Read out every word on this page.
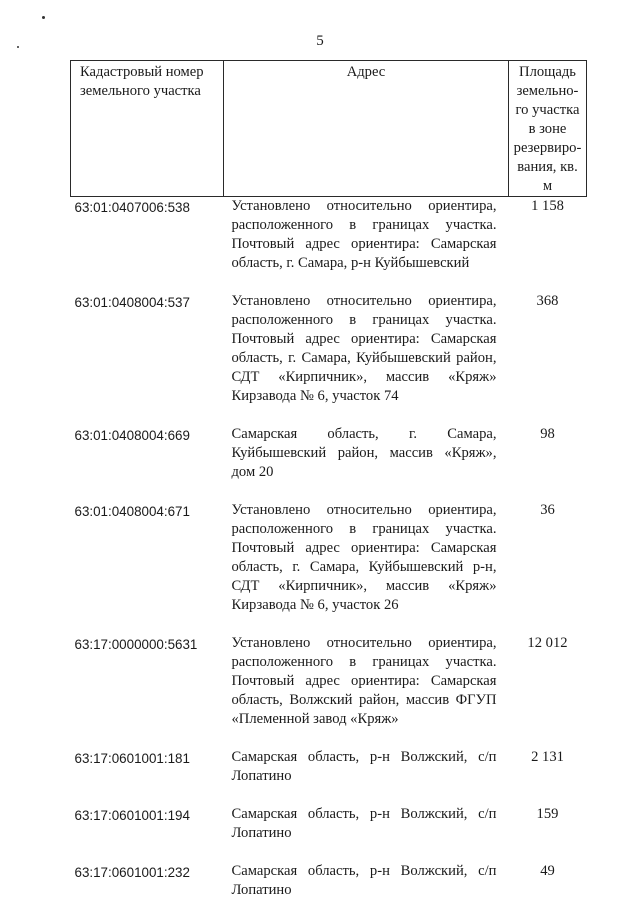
5
Кадастровый номер земельного участка	Адрес	Площадь земельно-го участка в зоне резервиро-вания, кв. м
63:01:0407006:538	Установлено относительно ориентира, расположенного в границах участка. Почтовый адрес ориентира: Самарская область, г. Самара, р-н Куйбышевский	1 158

63:01:0408004:537	Установлено относительно ориентира, расположенного в границах участка. Почтовый адрес ориентира: Самарская область, г. Самара, Куйбышевский район, СДТ «Кирпичник», массив «Кряж» Кирзавода № 6, участок 74	368

63:01:0408004:669	Самарская область, г. Самара, Куйбышевский район, массив «Кряж», дом 20	98

63:01:0408004:671	Установлено относительно ориентира, расположенного в границах участка. Почтовый адрес ориентира: Самарская область, г. Самара, Куйбышевский р-н, СДТ «Кирпичник», массив «Кряж» Кирзавода № 6, участок 26	36

63:17:0000000:5631	Установлено относительно ориентира, расположенного в границах участка. Почтовый адрес ориентира: Самарская область, Волжский район, массив ФГУП «Племенной завод «Кряж»	12 012

63:17:0601001:181	Самарская область, р-н Волжский, с/п Лопатино	2 131

63:17:0601001:194	Самарская область, р-н Волжский, с/п Лопатино	159

63:17:0601001:232	Самарская область, р-н Волжский, с/п Лопатино	49
